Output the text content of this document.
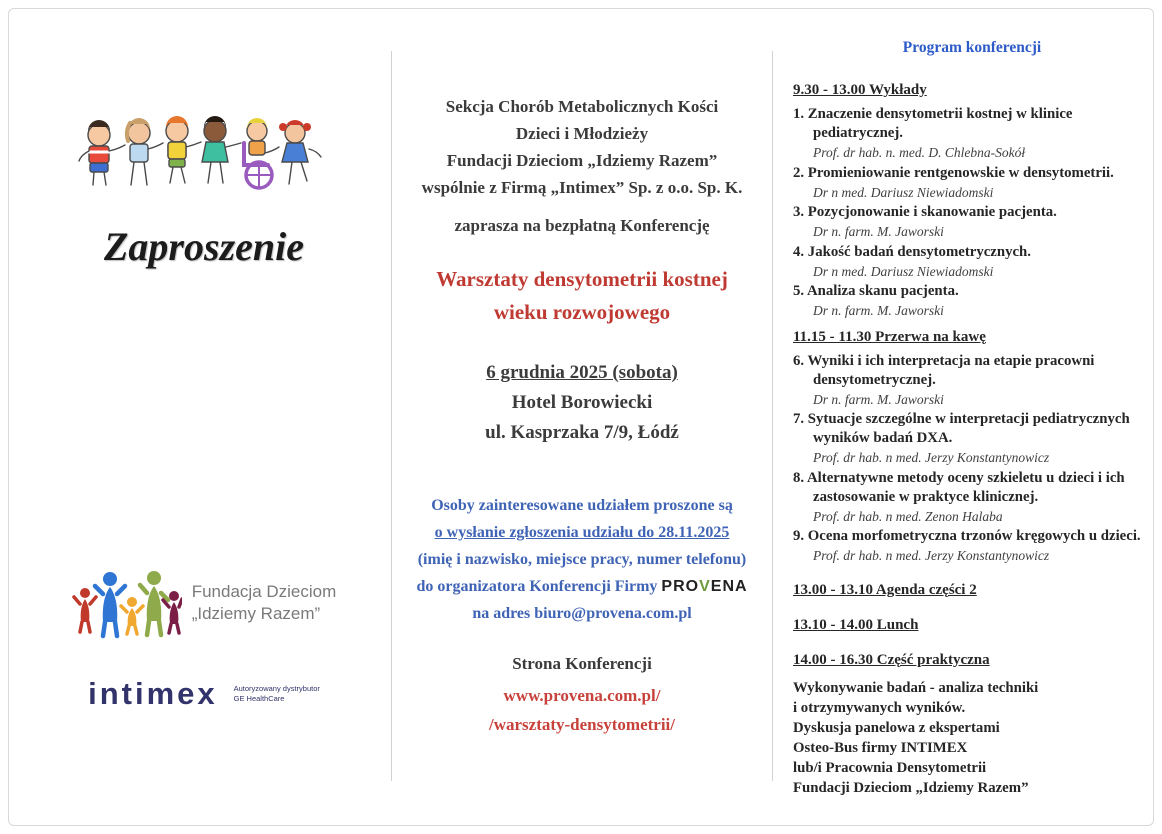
Zaproszenie
Fundacja Dzieciom
„Idziemy Razem”
intimex Autoryzowany dystrybutor
GE HealthCare
Sekcja Chorób Metabolicznych Kości
Dzieci i Młodzieży
Fundacji Dzieciom „Idziemy Razem”
wspólnie z Firmą „Intimex” Sp. z o.o. Sp. K.
zaprasza na bezpłatną Konferencję
Warsztaty densytometrii kostnej
wieku rozwojowego
6 grudnia 2025 (sobota)
Hotel Borowiecki
ul. Kasprzaka 7/9, Łódź
Osoby zainteresowane udziałem proszone są
o wysłanie zgłoszenia udziału do 28.11.2025
(imię i nazwisko, miejsce pracy, numer telefonu)
do organizatora Konferencji Firmy PROVENA
na adres biuro@provena.com.pl
Strona Konferencji
www.provena.com.pl/
/warsztaty-densytometrii/
Program konferencji
9.30 - 13.00 Wykłady
1. Znaczenie densytometrii kostnej w klinice pediatrycznej.
Prof. dr hab. n. med. D. Chlebna-Sokół
2. Promieniowanie rentgenowskie w densytometrii.
Dr n med. Dariusz Niewiadomski
3. Pozycjonowanie i skanowanie pacjenta.
Dr n. farm. M. Jaworski
4. Jakość badań densytometrycznych.
Dr n med. Dariusz Niewiadomski
5. Analiza skanu pacjenta.
Dr n. farm. M. Jaworski
11.15 - 11.30 Przerwa na kawę
6. Wyniki i ich interpretacja na etapie pracowni densytometrycznej.
Dr n. farm. M. Jaworski
7. Sytuacje szczególne w interpretacji pediatrycznych wyników badań DXA.
Prof. dr hab. n med. Jerzy Konstantynowicz
8. Alternatywne metody oceny szkieletu u dzieci i ich zastosowanie w praktyce klinicznej.
Prof. dr hab. n med. Zenon Halaba
9. Ocena morfometryczna trzonów kręgowych u dzieci.
Prof. dr hab. n med. Jerzy Konstantynowicz
13.00 - 13.10 Agenda części 2
13.10 - 14.00 Lunch
14.00 - 16.30 Część praktyczna
Wykonywanie badań - analiza techniki
i otrzymywanych wyników.
Dyskusja panelowa z ekspertami
Osteo-Bus firmy INTIMEX
lub/i Pracownia Densytometrii
Fundacji Dzieciom „Idziemy Razem”
